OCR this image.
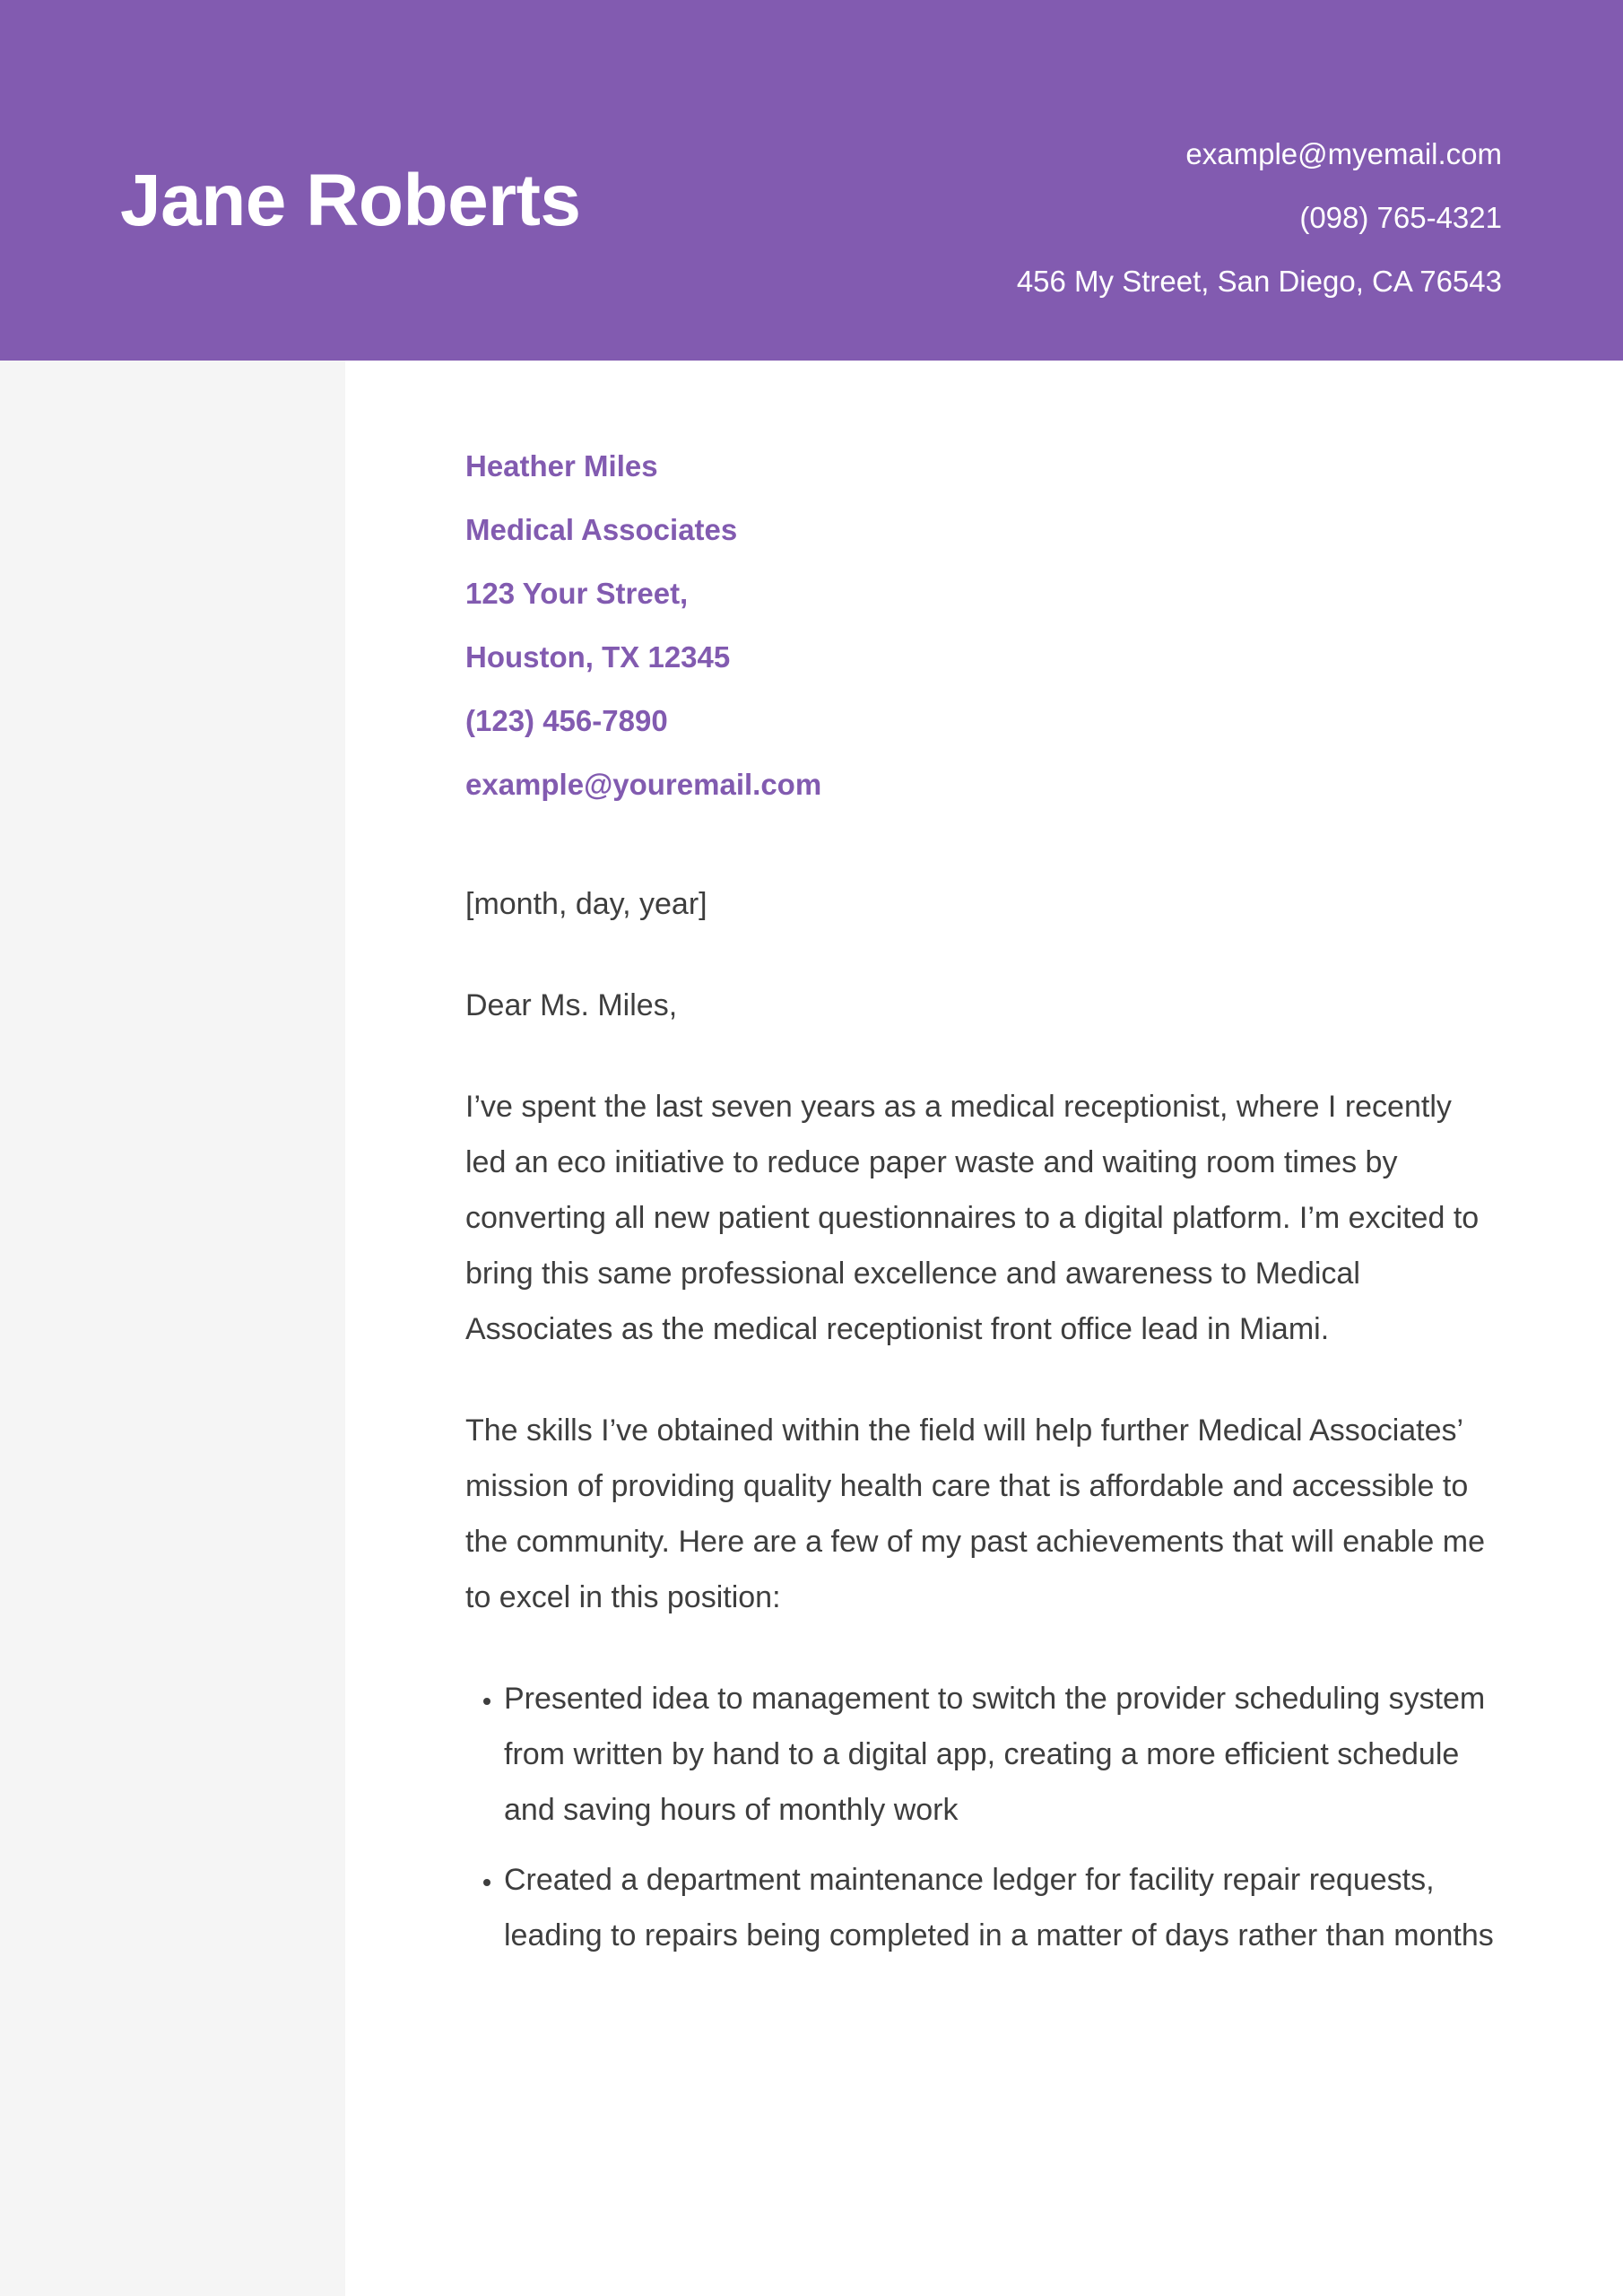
Jane Roberts
example@myemail.com
(098) 765-4321
456 My Street, San Diego, CA 76543
Heather Miles
Medical Associates
123 Your Street,
Houston, TX 12345
(123) 456-7890
example@youremail.com

[month, day, year]

Dear Ms. Miles,

I’ve spent the last seven years as a medical receptionist, where I recently led an eco initiative to reduce paper waste and waiting room times by converting all new patient questionnaires to a digital platform. I’m excited to bring this same professional excellence and awareness to Medical Associates as the medical receptionist front office lead in Miami.

The skills I’ve obtained within the field will help further Medical Associates’ mission of providing quality health care that is affordable and accessible to the community. Here are a few of my past achievements that will enable me to excel in this position:

• Presented idea to management to switch the provider scheduling system from written by hand to a digital app, creating a more efficient schedule and saving hours of monthly work
• Created a department maintenance ledger for facility repair requests, leading to repairs being completed in a matter of days rather than months
